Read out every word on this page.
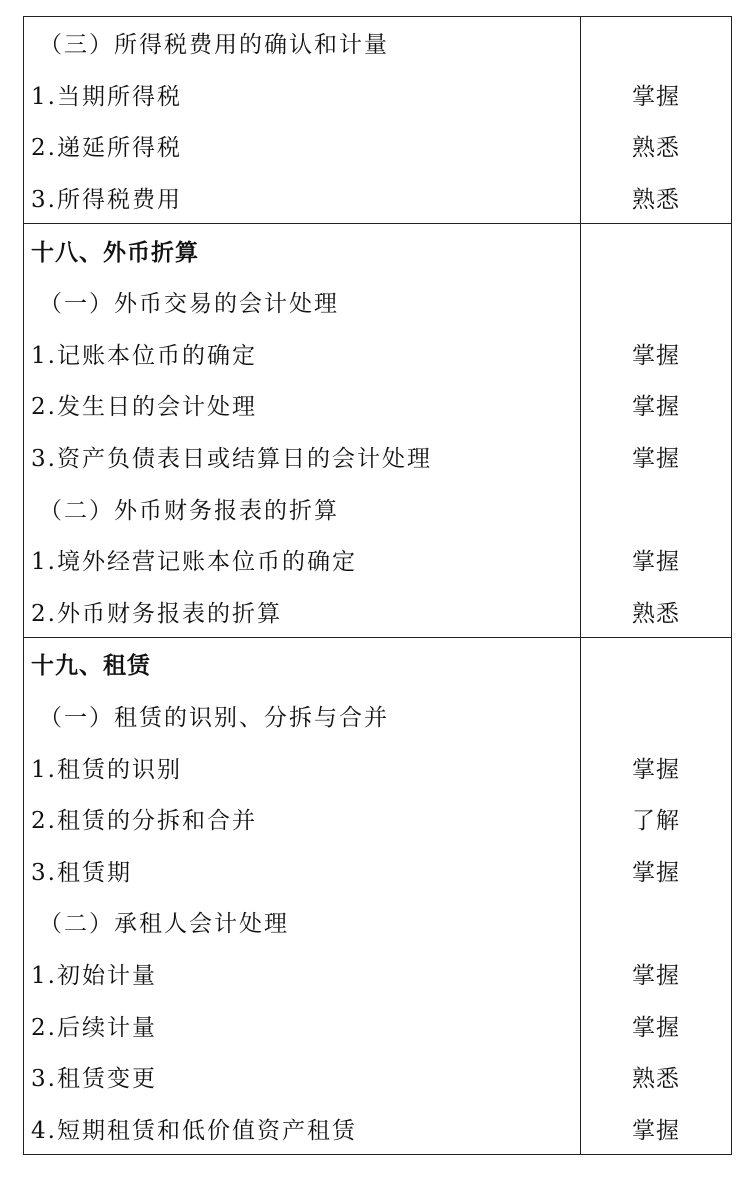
（三）所得税费用的确认和计量
1.当期所得税
2.递延所得税
3.所得税费用
掌握
熟悉
熟悉
十八、外币折算
（一）外币交易的会计处理
1.记账本位币的确定
2.发生日的会计处理
3.资产负债表日或结算日的会计处理
（二）外币财务报表的折算
1.境外经营记账本位币的确定
2.外币财务报表的折算
掌握
掌握
掌握
掌握
熟悉
十九、租赁
（一）租赁的识别、分拆与合并
1.租赁的识别
2.租赁的分拆和合并
3.租赁期
（二）承租人会计处理
1.初始计量
2.后续计量
3.租赁变更
4.短期租赁和低价值资产租赁
掌握
了解
掌握
掌握
掌握
熟悉
掌握
